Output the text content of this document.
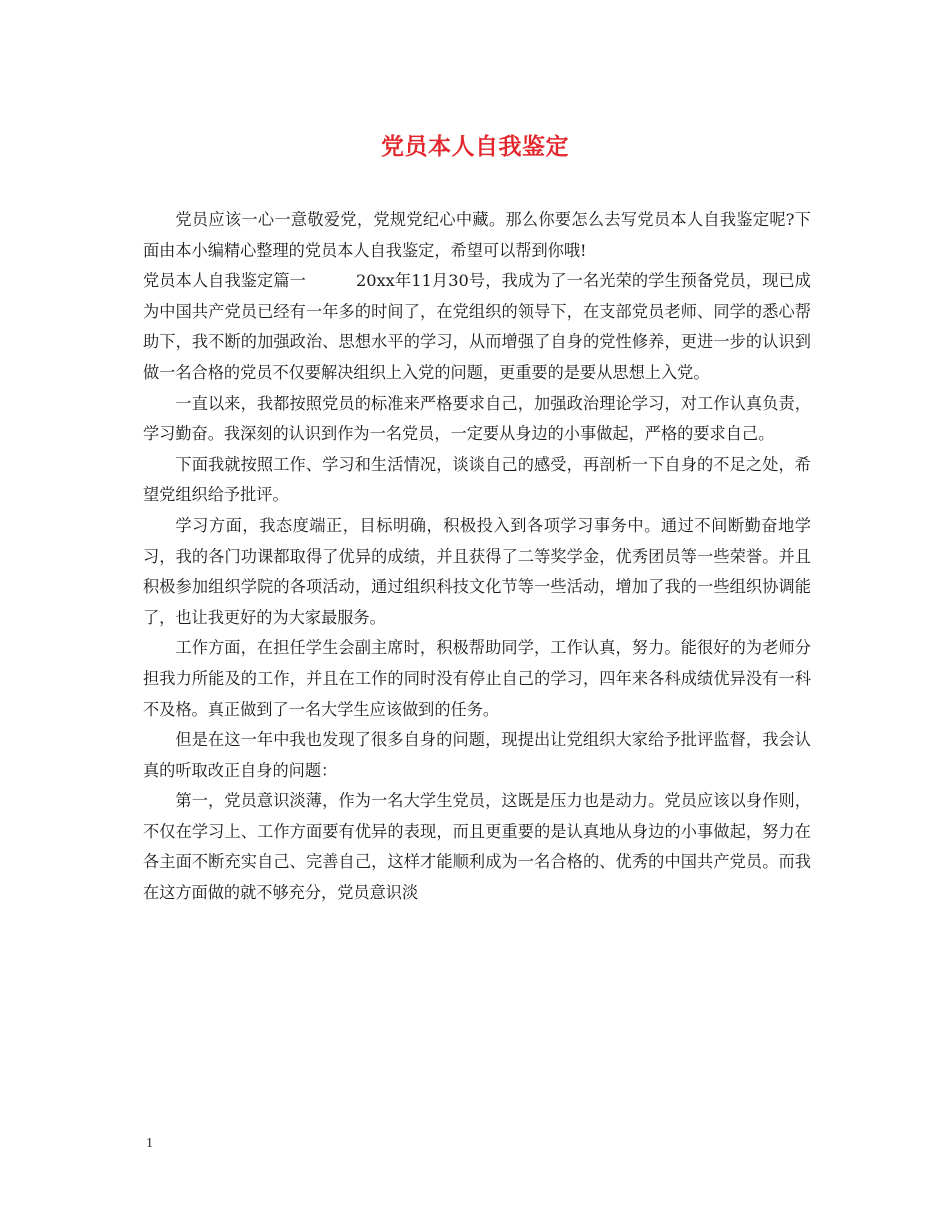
党员本人自我鉴定

党员应该一心一意敬爱党，党规党纪心中藏。那么你要怎么去写党员本人自我鉴定呢?下面由本小编精心整理的党员本人自我鉴定，希望可以帮到你哦!

党员本人自我鉴定篇一	20xx年11月30号，我成为了一名光荣的学生预备党员，现已成为中国共产党员已经有一年多的时间了，在党组织的领导下，在支部党员老师、同学的悉心帮助下，我不断的加强政治、思想水平的学习，从而增强了自身的党性修养，更进一步的认识到做一名合格的党员不仅要解决组织上入党的问题，更重要的是要从思想上入党。

一直以来，我都按照党员的标准来严格要求自己，加强政治理论学习，对工作认真负责，学习勤奋。我深刻的认识到作为一名党员，一定要从身边的小事做起，严格的要求自己。

下面我就按照工作、学习和生活情况，谈谈自己的感受，再剖析一下自身的不足之处，希望党组织给予批评。

学习方面，我态度端正，目标明确，积极投入到各项学习事务中。通过不间断勤奋地学习，我的各门功课都取得了优异的成绩，并且获得了二等奖学金，优秀团员等一些荣誉。并且积极参加组织学院的各项活动，通过组织科技文化节等一些活动，增加了我的一些组织协调能了，也让我更好的为大家最服务。

工作方面，在担任学生会副主席时，积极帮助同学，工作认真，努力。能很好的为老师分担我力所能及的工作，并且在工作的同时没有停止自己的学习，四年来各科成绩优异没有一科不及格。真正做到了一名大学生应该做到的任务。

但是在这一年中我也发现了很多自身的问题，现提出让党组织大家给予批评监督，我会认真的听取改正自身的问题：

第一，党员意识淡薄，作为一名大学生党员，这既是压力也是动力。党员应该以身作则，不仅在学习上、工作方面要有优异的表现，而且更重要的是认真地从身边的小事做起，努力在各主面不断充实自己、完善自己，这样才能顺利成为一名合格的、优秀的中国共产党员。而我在这方面做的就不够充分，党员意识淡

1
